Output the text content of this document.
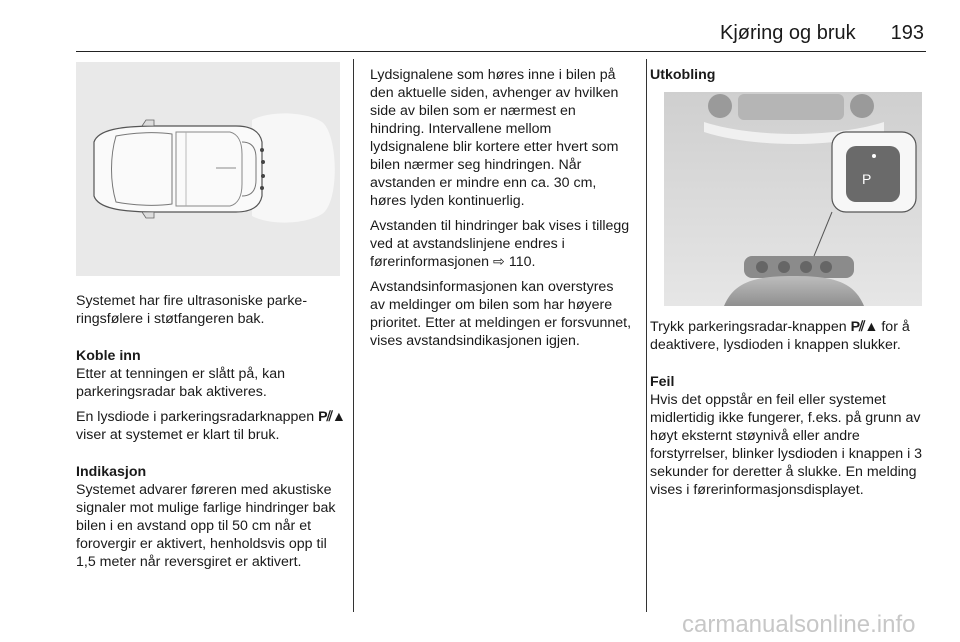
Kjøring og bruk 193

Systemet har fire ultrasoniske parkeringsfølere i støtfangeren bak.

Koble inn

Etter at tenningen er slått på, kan parkeringsradar bak aktiveres.

En lysdiode i parkeringsradarknappen P⫽▲ viser at systemet er klart til bruk.

Indikasjon

Systemet advarer føreren med akustiske signaler mot mulige farlige hindringer bak bilen i en avstand opp til 50 cm når et forovergir er aktivert, henholdsvis opp til 1,5 meter når reversgiret er aktivert.

Lydsignalene som høres inne i bilen på den aktuelle siden, avhenger av hvilken side av bilen som er nærmest en hindring. Intervallene mellom lydsignalene blir kortere etter hvert som bilen nærmer seg hindringen. Når avstanden er mindre enn ca. 30 cm, høres lyden kontinuerlig.

Avstanden til hindringer bak vises i tillegg ved at avstandslinjene endres i førerinformasjonen ⇨ 110.

Avstandsinformasjonen kan overstyres av meldinger om bilen som har høyere prioritet. Etter at meldingen er forsvunnet, vises avstandsindikasjonen igjen.

Utkobling

P

Trykk parkeringsradar-knappen P⫽▲ for å deaktivere, lysdioden i knappen slukker.

Feil

Hvis det oppstår en feil eller systemet midlertidig ikke fungerer, f.eks. på grunn av høyt eksternt støynivå eller andre forstyrrelser, blinker lysdioden i knappen i 3 sekunder for deretter å slukke. En melding vises i førerinformasjonsdisplayet.

carmanualsonline.info
